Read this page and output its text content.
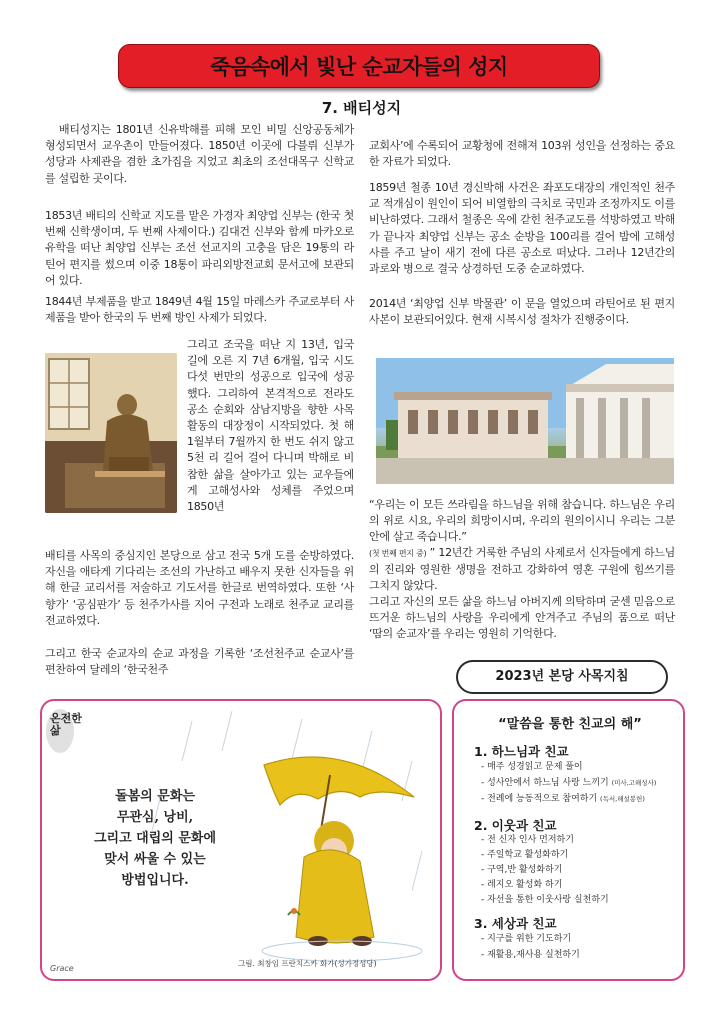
죽음속에서 빛난 순교자들의 성지
7. 배티성지
배티성지는 1801년 신유박해를 피해 모인 비밀 신앙공동체가 형성되면서 교우촌이 만들어졌다. 1850년 이곳에 다블뤼 신부가 성당과 사제관을 겸한 초가집을 지었고 최초의 조선대목구 신학교를 설립한 곳이다.
1853년 배티의 신학교 지도를 맡은 가경자 최양업 신부는 (한국 첫 번째 신학생이며, 두 번째 사제이다.) 김대건 신부와 함께 마카오로 유학을 떠난 최양업 신부는 조선 선교지의 고충을 담은 19통의 라틴어 편지를 썼으며 이중 18통이 파리외방전교회 문서고에 보관되어 있다.
1844년 부제품을 받고 1849년 4월 15일 마레스카 주교로부터 사제품을 받아 한국의 두 번째 방인 사제가 되었다.
그리고 조국을 떠난 지 13년, 입국 길에 오른 지 7년 6개월, 입국 시도 다섯 번만의 성공으로 입국에 성공했다. 그리하여 본격적으로 전라도 공소 순회와 삼남지방을 향한 사목활동의 대장정이 시작되었다. 첫 해 1월부터 7월까지 한 번도 쉬지 않고 5천 리 길어 걸어 다니며 박해로 비참한 삶을 살아가고 있는 교우들에게 고해성사와 성체를 주었으며 1850년
배티를 사목의 중심지인 본당으로 삼고 전국 5개 도를 순방하였다. 자신을 애타게 기다리는 조선의 가난하고 배우지 못한 신자들을 위해 한글 교리서를 저술하고 기도서를 한글로 번역하였다. 또한 ‘사향가’ ‘공심판가’ 등 천주가사를 지어 구전과 노래로 천주교 교리를 전교하였다.
그리고 한국 순교자의 순교 과정을 기록한 ‘조선천주교 순교사’를 편찬하여 달레의 ‘한국천주
교회사’에 수록되어 교황청에 전해져 103위 성인을 선정하는 중요한 자료가 되었다.
1859년 철종 10년 경신박해 사건은 좌포도대장의 개인적인 천주교 적개심이 원인이 되어 비열함의 극치로 국민과 조정까지도 이를 비난하였다. 그래서 철종은 옥에 갇힌 천주교도를 석방하였고 박해가 끝나자 최양업 신부는 공소 순방을 100리를 걸어 밤에 고해성사를 주고 날이 새기 전에 다른 공소로 떠났다. 그러나 12년간의 과로와 병으로 결국 상경하던 도중 순교하였다.
2014년 ‘최양업 신부 박물관’ 이 문을 열었으며 라틴어로 된 편지 사본이 보관되어있다. 현재 시복시성 절차가 진행중이다.
“우리는 이 모든 쓰라림을 하느님을 위해 참습니다. 하느님은 우리의 위로 시요, 우리의 희망이시며, 우리의 원의이시니 우리는 그분 안에 살고 죽습니다.”
(첫 번째 편지 중) ” 12년간 거룩한 주님의 사제로서 신자들에게 하느님의 진리와 영원한 생명을 전하고 강화하여 영혼 구원에 힘쓰기를 그치지 않았다.
그리고 자신의 모든 삶을 하느님 아버지께 의탁하며 굳센 믿음으로 뜨거운 하느님의 사랑을 우리에게 안겨주고 주님의 품으로 떠난 ‘땀의 순교자’를 우리는 영원히 기억한다.
2023년 본당 사목지침
온전한삶
Grace
돌봄의 문화는
무관심, 낭비,
그리고 대립의 문화에
맞서 싸울 수 있는
방법입니다.
그림. 최창임 프란치스카 화가(성가정성당)
“말씀을 통한 친교의 해”
1. 하느님과 친교
- 매주 성경읽고 문제 풀이
- 성사안에서 하느님 사랑 느끼기 (미사,고해성사)
- 전례에 능동적으로 참여하기 (독서,해설봉헌)
2. 이웃과 친교
- 전 신자 인사 먼저하기
- 주일학교 활성화하기
- 구역,반 활성화하기
- 레지오 활성화 하기
- 자선을 통한 이웃사랑 실천하기
3. 세상과 친교
- 지구를 위한 기도하기
- 재활용,재사용 실천하기
